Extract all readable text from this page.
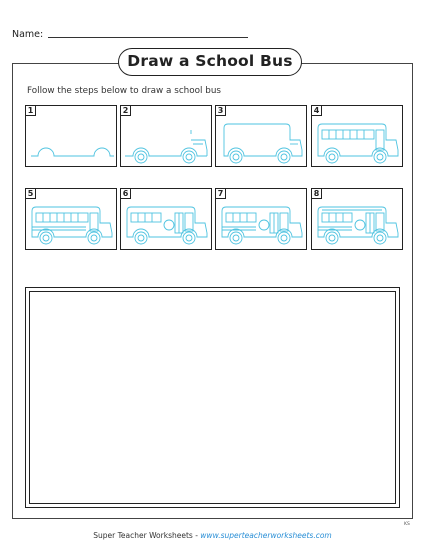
Name:
Draw a School Bus
Follow the steps below to draw a school bus
1	2	3	4
5	6	7	8
Super Teacher Worksheets - www.superteacherworksheets.com
KS
